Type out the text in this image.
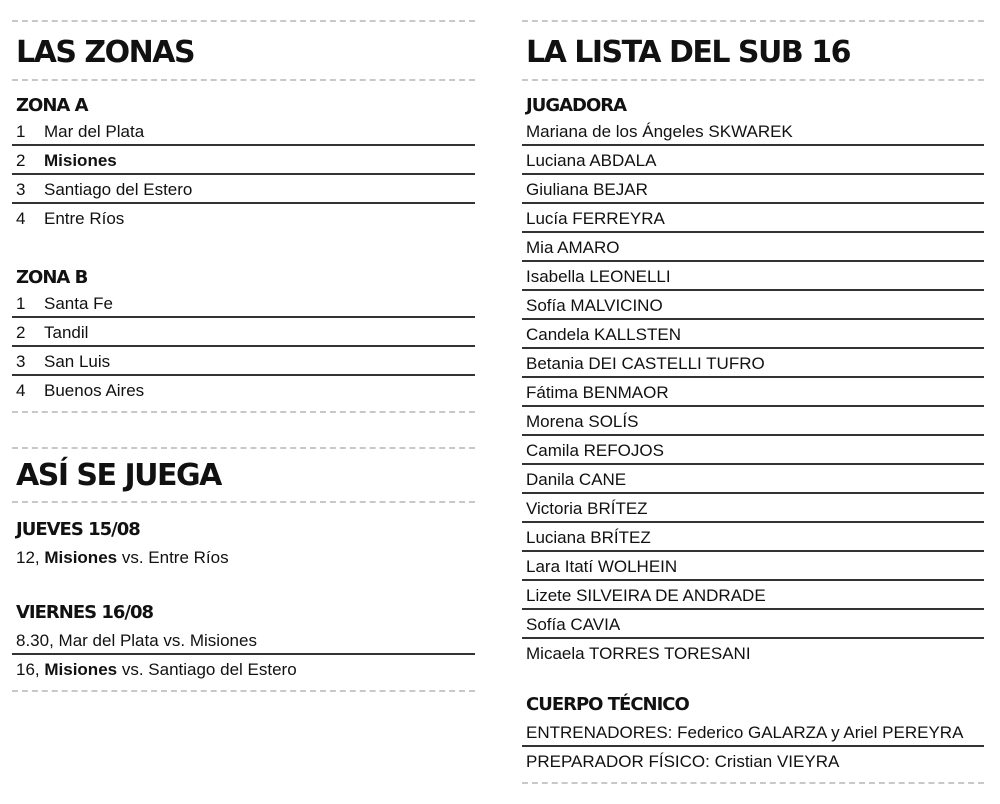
LAS ZONAS
ZONA A
1 Mar del Plata
2 Misiones
3 Santiago del Estero
4 Entre Ríos
ZONA B
1 Santa Fe
2 Tandil
3 San Luis
4 Buenos Aires
ASÍ SE JUEGA
JUEVES 15/08
12, Misiones vs. Entre Ríos
VIERNES 16/08
8.30, Mar del Plata vs. Misiones
16, Misiones vs. Santiago del Estero
LA LISTA DEL SUB 16
JUGADORA
Mariana de los Ángeles SKWAREK
Luciana ABDALA
Giuliana BEJAR
Lucía FERREYRA
Mia AMARO
Isabella LEONELLI
Sofía MALVICINO
Candela KALLSTEN
Betania DEI CASTELLI TUFRO
Fátima BENMAOR
Morena SOLÍS
Camila REFOJOS
Danila CANE
Victoria BRÍTEZ
Luciana BRÍTEZ
Lara Itatí WOLHEIN
Lizete SILVEIRA DE ANDRADE
Sofía CAVIA
Micaela TORRES TORESANI
CUERPO TÉCNICO
ENTRENADORES: Federico GALARZA y Ariel PEREYRA
PREPARADOR FÍSICO: Cristian VIEYRA
